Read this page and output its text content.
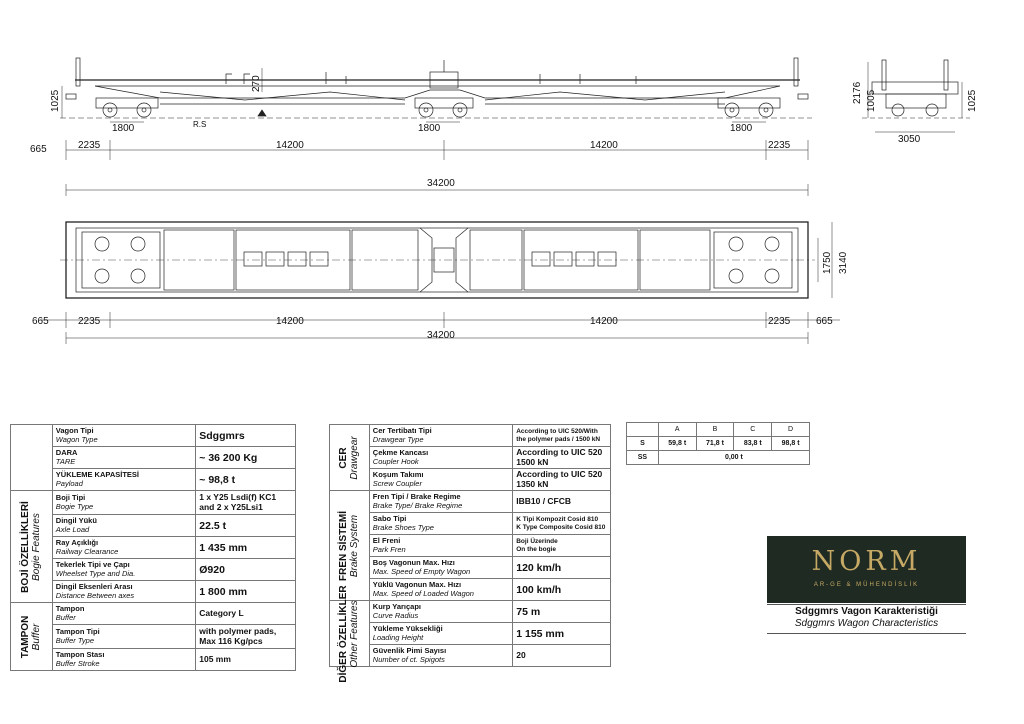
665	2235	14200	14200	2235
34200
1025
270
1800	1800	1800
R.S
2176 1005	1025
3050
665	2235	14200	14200	2235	665
34200
1750 3140

	Vagon Tipi
Wagon Type	Sdggmrs

	DARA
TARE	~ 36 200 Kg

	YÜKLEME KAPASİTESİ
Payload	~ 98,8 t

BOJİ ÖZELLİKLERİ Bogie Features	Boji Tipi
Bogie Type	1 x Y25 Lsdi(f) KC1
and 2 x Y25Lsi1

	Dingil Yükü
Axle Load	22.5 t

	Ray Açıklığı
Railway Clearance	1 435 mm

	Tekerlek Tipi ve Çapı
Wheelset Type and Dia.	Ø920

	Dingil Eksenleri Arası
Distance Between axes	1 800 mm

TAMPON Buffer	Tampon
Buffer	Category L

	Tampon Tipi
Buffer Type	with polymer pads,
Max 116 Kg/pcs

	Tampon Stası
Buffer Stroke	105 mm
CER Drawgear	Cer Tertibatı Tipi
Drawgear Type	According to UIC 520/With
the polymer pads / 1500 kN

	Çekme Kancası
Coupler Hook	According to UIC 520
1500 kN

	Koşum Takımı
Screw Coupler	According to UIC 520
1350 kN

FREN SİSTEMİ Brake System	Fren Tipi / Brake Regime
Brake Type/ Brake Regime	IBB10 / CFCB

	Sabo Tipi
Brake Shoes Type	K Tipi Kompozit Cosid 810
K Type Composite Cosid 810

	El Freni
Park Fren	Boji Üzerinde
On the bogie

	Boş Vagonun Max. Hızı
Max. Speed of Empty Wagon	120 km/h

	Yüklü Vagonun Max. Hızı
Max. Speed of Loaded Wagon	100 km/h

DİĞER ÖZELLİKLER Other Features	Kurp Yarıçapı
Curve Radius	75 m

	Yükleme Yüksekliği
Loading Height	1 155 mm

	Güvenlik Pimi Sayısı
Number of ct. Spigots	20
	A	B	C	D
S	59,8 t	71,8 t	83,8 t	98,8 t
SS	0,00 t			
NORM
AR-GE & MÜHENDİSLİK
Sdggmrs Vagon Karakteristiği
Sdggmrs Wagon Characteristics
